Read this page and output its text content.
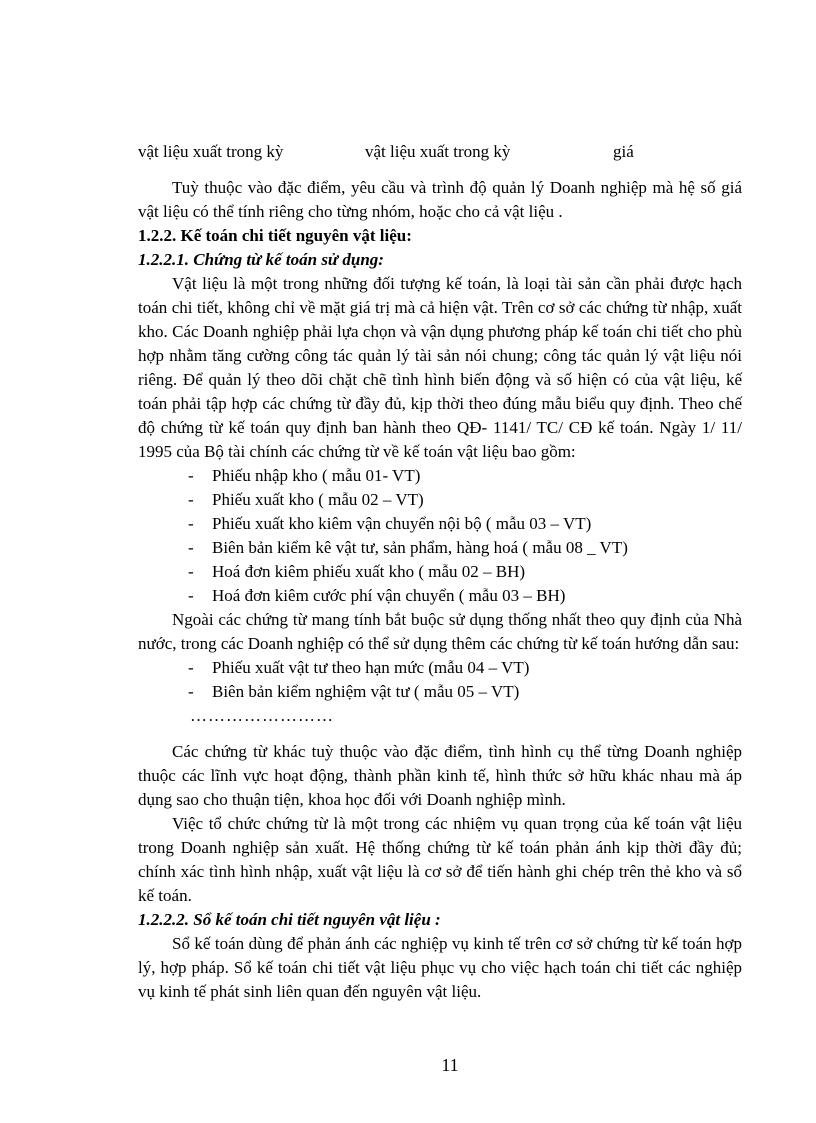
vật liệu xuất trong kỳ	vật liệu xuất trong kỳ	giá

Tuỳ thuộc vào đặc điểm, yêu cầu và trình độ quản lý Doanh nghiệp mà hệ số giá vật liệu có thể tính riêng cho từng nhóm, hoặc cho cả vật liệu .

1.2.2. Kế toán chi tiết nguyên vật liệu:

1.2.2.1. Chứng từ kế toán sử dụng:

Vật liệu là một trong những đối tượng kế toán, là loại tài sản cần phải được hạch toán chi tiết, không chỉ về mặt giá trị mà cả hiện vật. Trên cơ sở các chứng từ nhập, xuất kho. Các Doanh nghiệp phải lựa chọn và vận dụng phương pháp kế toán chi tiết cho phù hợp nhằm tăng cường công tác quản lý tài sản nói chung; công tác quản lý vật liệu nói riêng. Để quản lý theo dõi chặt chẽ tình hình biến động và số hiện có của vật liệu, kế toán phải tập hợp các chứng từ đầy đủ, kịp thời theo đúng mẫu biểu quy định. Theo chế độ chứng từ kế toán quy định ban hành theo QĐ- 1141/ TC/ CĐ kế toán. Ngày 1/ 11/ 1995 của Bộ tài chính các chứng từ về kế toán vật liệu bao gồm:

- Phiếu nhập kho ( mẫu 01- VT)
- Phiếu xuất kho ( mẫu 02 – VT)
- Phiếu xuất kho kiêm vận chuyển nội bộ ( mẫu 03 – VT)
- Biên bản kiểm kê vật tư, sản phẩm, hàng hoá ( mẫu 08 _ VT)
- Hoá đơn kiêm phiếu xuất kho ( mẫu 02 – BH)
- Hoá đơn kiêm cước phí vận chuyển ( mẫu 03 – BH)

Ngoài các chứng từ mang tính bắt buộc sử dụng thống nhất theo quy định của Nhà nước, trong các Doanh nghiệp có thể sử dụng thêm các chứng từ kế toán hướng dẫn sau:

- Phiếu xuất vật tư theo hạn mức (mẫu 04 – VT)
- Biên bản kiểm nghiệm vật tư ( mẫu 05 – VT)

……………………

Các chứng từ khác tuỳ thuộc vào đặc điểm, tình hình cụ thể từng Doanh nghiệp thuộc các lĩnh vực hoạt động, thành phần kinh tế, hình thức sở hữu khác nhau mà áp dụng sao cho thuận tiện, khoa học đối với Doanh nghiệp mình.

Việc tổ chức chứng từ là một trong các nhiệm vụ quan trọng của kế toán vật liệu trong Doanh nghiệp sản xuất. Hệ thống chứng từ kế toán phản ánh kịp thời đầy đủ; chính xác tình hình nhập, xuất vật liệu là cơ sở để tiến hành ghi chép trên thẻ kho và sổ kế toán.

1.2.2.2. Sổ kế toán chi tiết nguyên vật liệu :

Sổ kế toán dùng để phản ánh các nghiệp vụ kinh tế trên cơ sở chứng từ kế toán hợp lý, hợp pháp. Sổ kế toán chi tiết vật liệu phục vụ cho việc hạch toán chi tiết các nghiệp vụ kinh tế phát sinh liên quan đến nguyên vật liệu.

11
